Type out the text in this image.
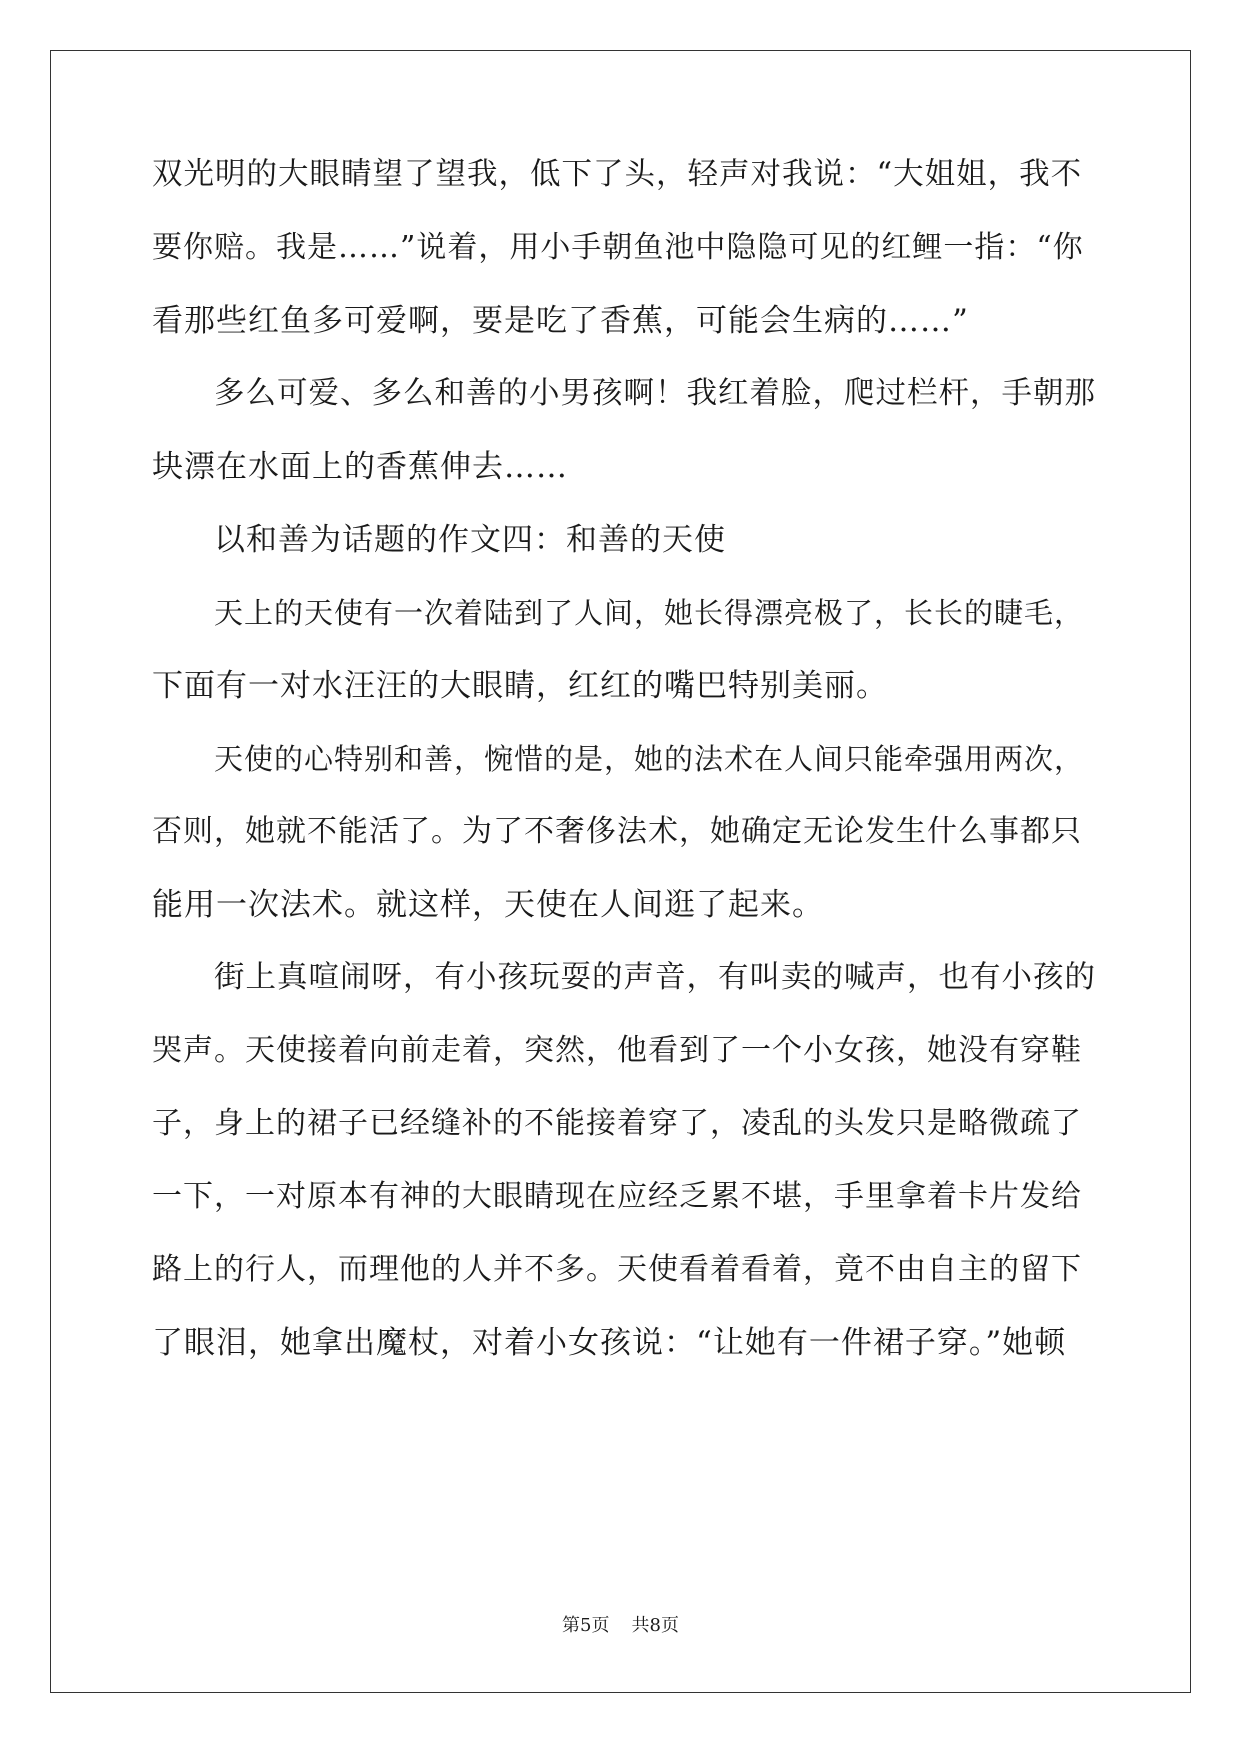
双光明的大眼睛望了望我，低下了头，轻声对我说：“大姐姐，我不
要你赔。我是……”说着，用小手朝鱼池中隐隐可见的红鲤一指：“你
看那些红鱼多可爱啊，要是吃了香蕉，可能会生病的……”
多么可爱、多么和善的小男孩啊！我红着脸，爬过栏杆，手朝那
块漂在水面上的香蕉伸去……
以和善为话题的作文四：和善的天使
天上的天使有一次着陆到了人间，她长得漂亮极了，长长的睫毛，
下面有一对水汪汪的大眼睛，红红的嘴巴特别美丽。
天使的心特别和善，惋惜的是，她的法术在人间只能牵强用两次，
否则，她就不能活了。为了不奢侈法术，她确定无论发生什么事都只
能用一次法术。就这样，天使在人间逛了起来。
街上真喧闹呀，有小孩玩耍的声音，有叫卖的喊声，也有小孩的
哭声。天使接着向前走着，突然，他看到了一个小女孩，她没有穿鞋
子，身上的裙子已经缝补的不能接着穿了，凌乱的头发只是略微疏了
一下，一对原本有神的大眼睛现在应经乏累不堪，手里拿着卡片发给
路上的行人，而理他的人并不多。天使看着看着，竟不由自主的留下
了眼泪，她拿出魔杖，对着小女孩说：“让她有一件裙子穿。”她顿
第5页 共8页
